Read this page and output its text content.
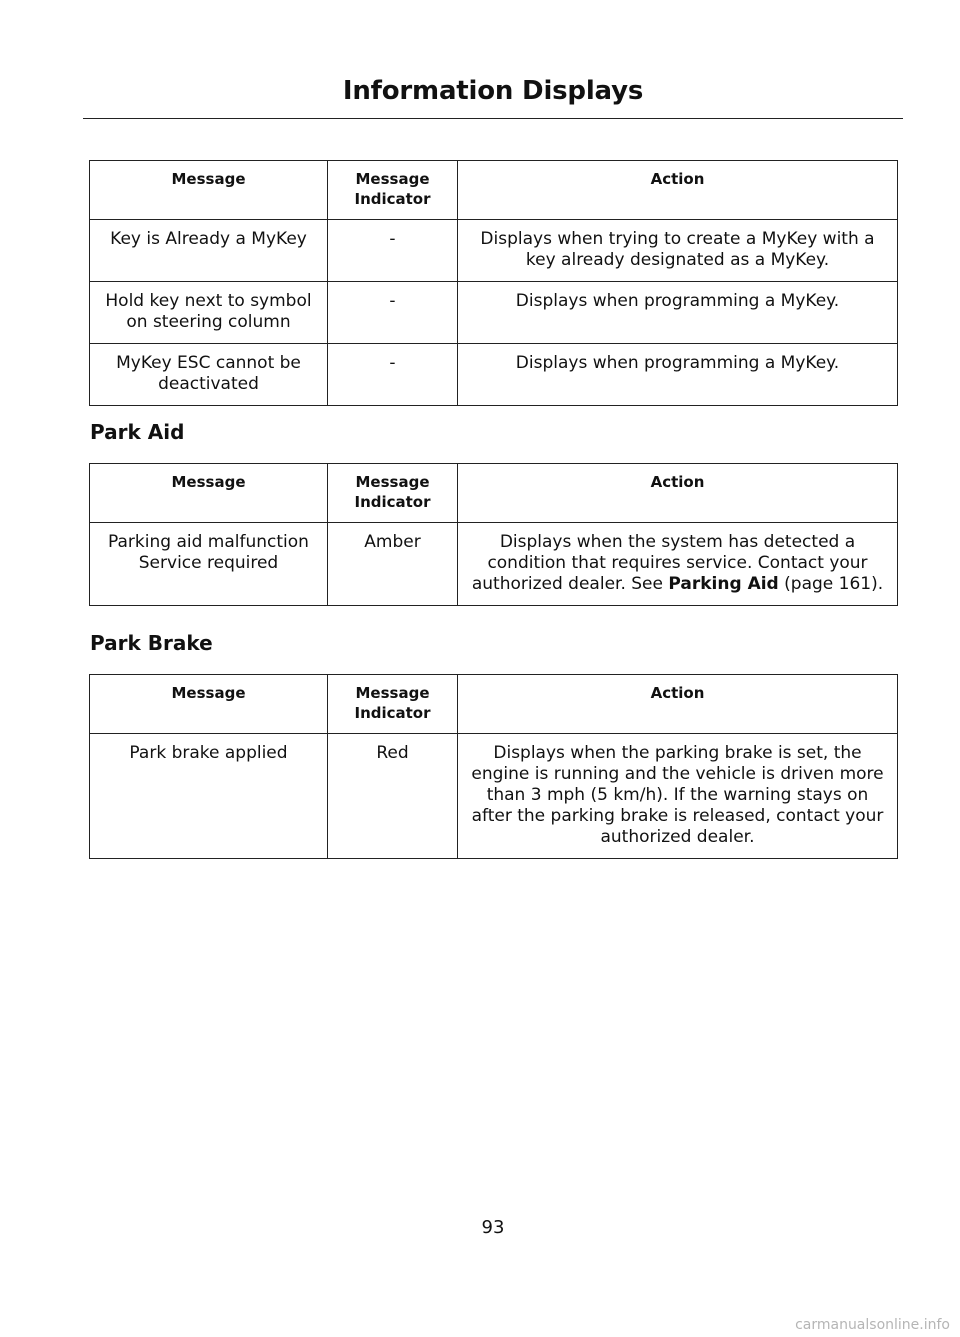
Information Displays
Message	Message Indicator	Action
Key is Already a MyKey	-	Displays when trying to create a MyKey with a key already designated as a MyKey.
Hold key next to symbol on steering column	-	Displays when programming a MyKey.
MyKey ESC cannot be deactivated	-	Displays when programming a MyKey.
Park Aid
Message	Message Indicator	Action
Parking aid malfunction Service required	Amber	Displays when the system has detected a condition that requires service. Contact your authorized dealer. See Parking Aid (page 161).
Park Brake
Message	Message Indicator	Action
Park brake applied	Red	Displays when the parking brake is set, the engine is running and the vehicle is driven more than 3 mph (5 km/h). If the warning stays on after the parking brake is released, contact your authorized dealer.
93
carmanualsonline.info
